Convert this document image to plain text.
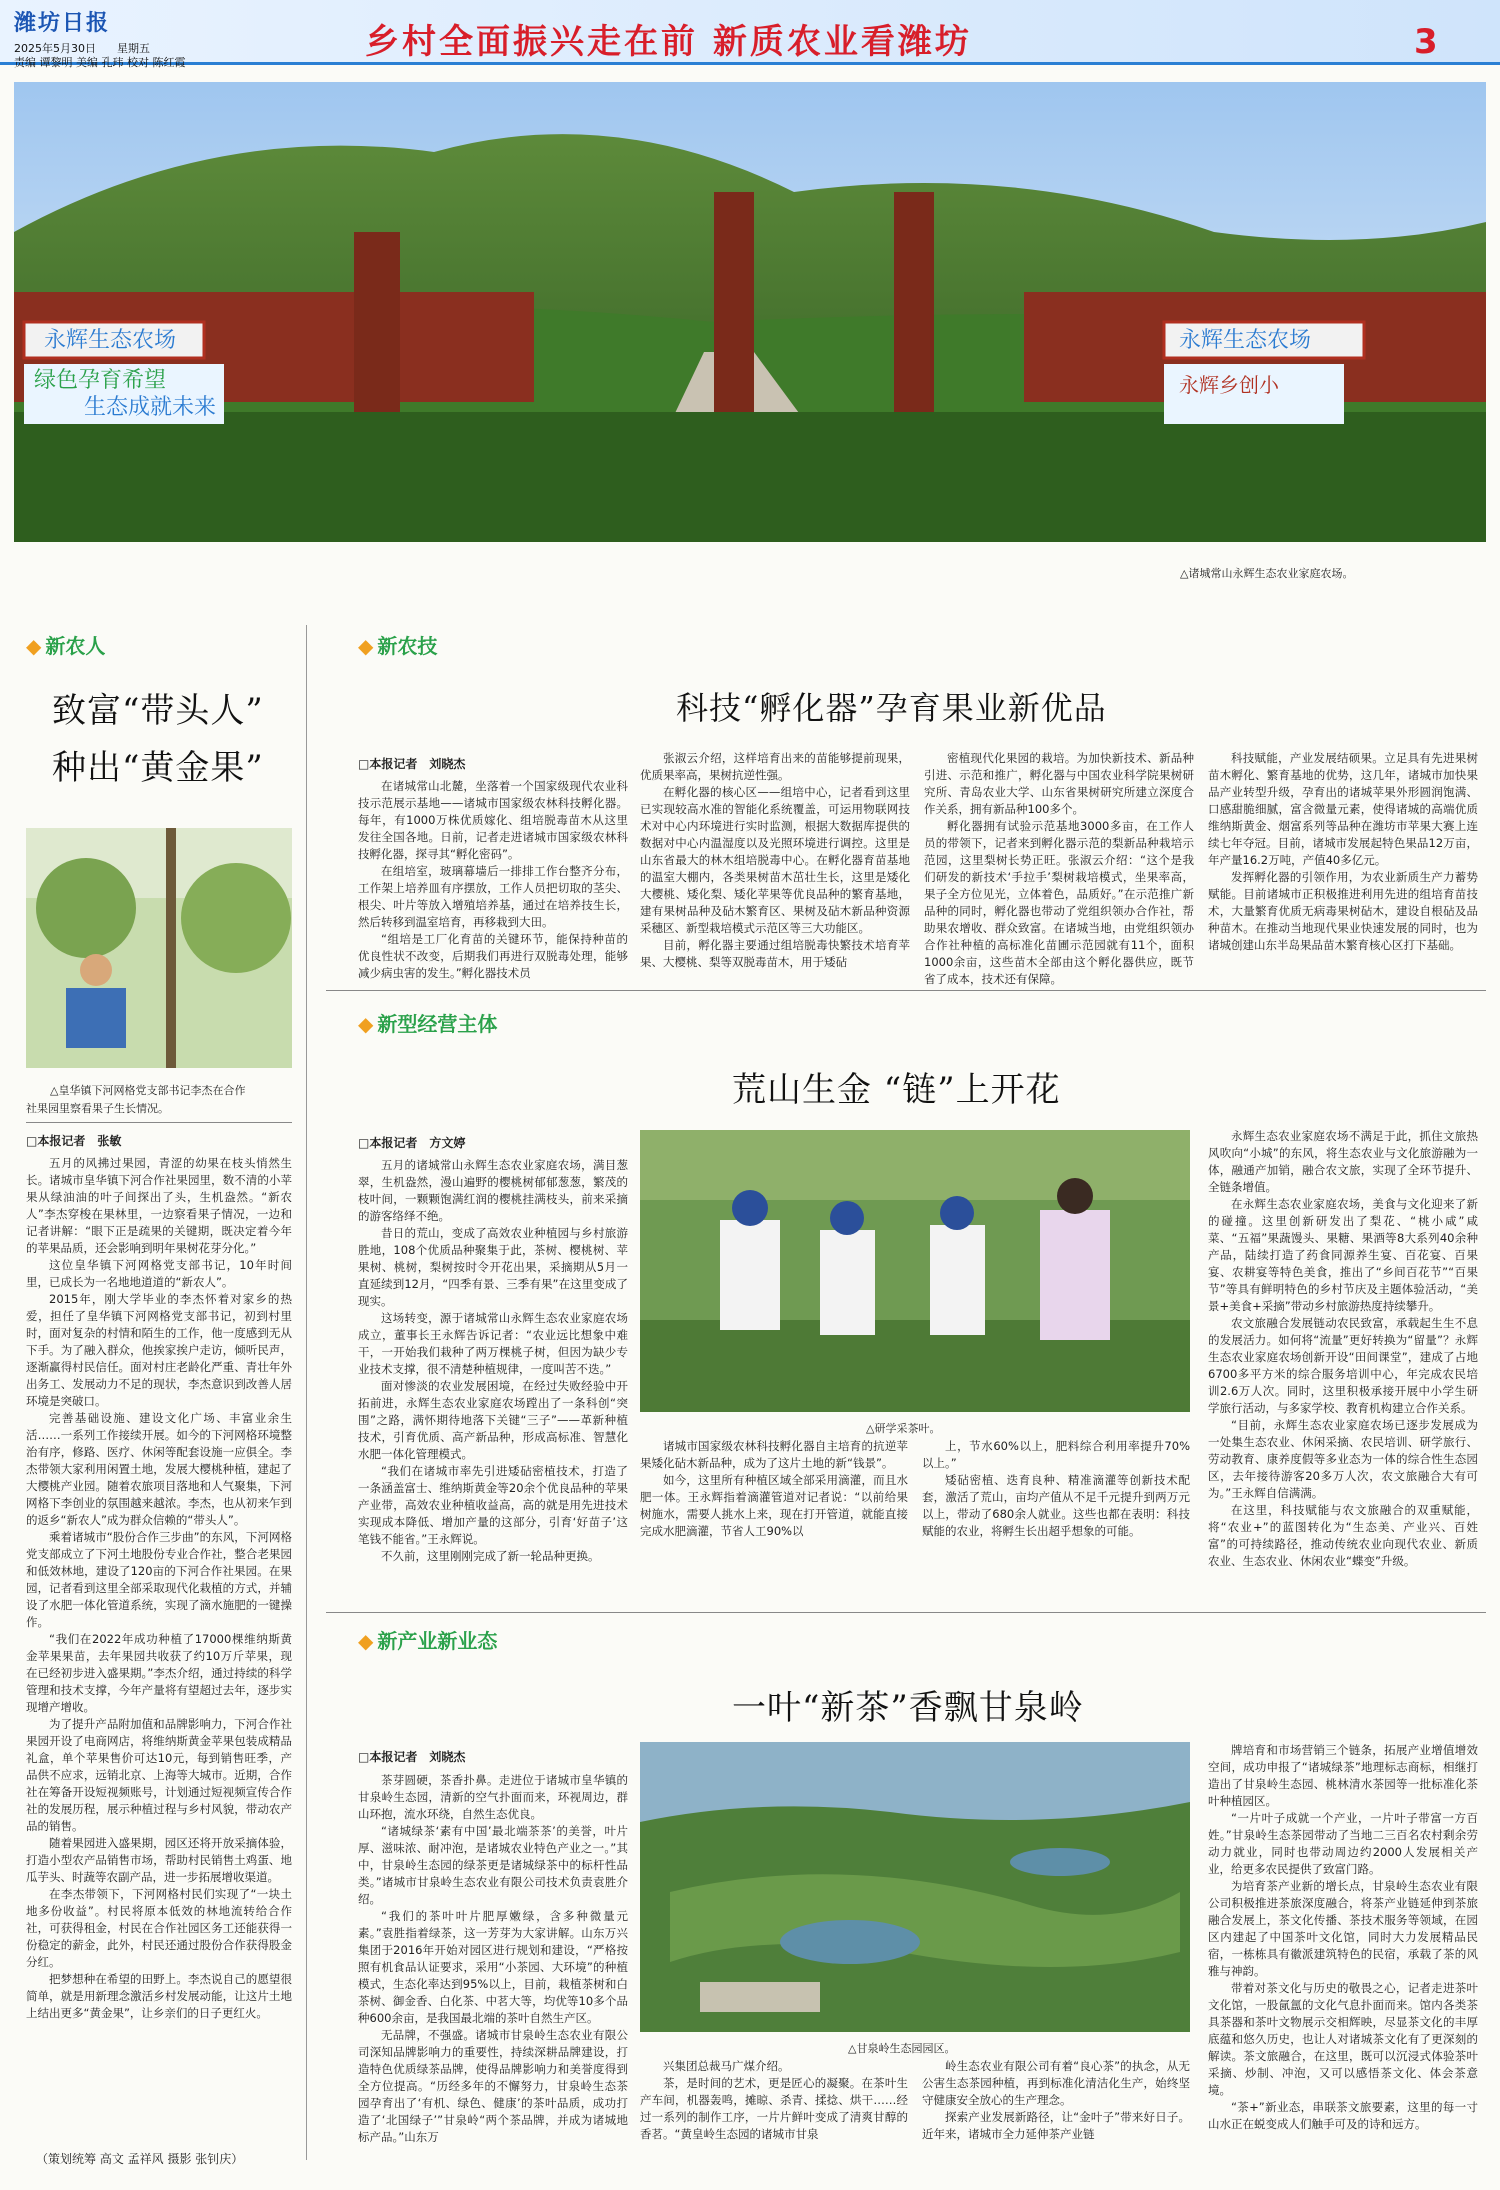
潍坊日报
2025年5月30日 星期五
责编 谭黎明 美编 孔玮 校对 陈红霞
乡村全面振兴走在前 新质农业看潍坊	3
永辉生态农场
绿色孕育希望
生态成就未来
永辉生态农场
永辉乡创小
△诸城常山永辉生态农业家庭农场。
◆ 新农人
致富“带头人”
种出“黄金果”
△皇华镇下河网格党支部书记李杰在合作
社果园里察看果子生长情况。
□本报记者　张敏

五月的风拂过果园，青涩的幼果在枝头悄然生长。诸城市皇华镇下河合作社果园里，数不清的小苹果从绿油油的叶子间探出了头，生机盎然。“新农人”李杰穿梭在果林里，一边察看果子情况，一边和记者讲解：“眼下正是疏果的关键期，既决定着今年的苹果品质，还会影响到明年果树花芽分化。”

这位皇华镇下河网格党支部书记，10年时间里，已成长为一名地地道道的“新农人”。

2015年，刚大学毕业的李杰怀着对家乡的热爱，担任了皇华镇下河网格党支部书记，初到村里时，面对复杂的村情和陌生的工作，他一度感到无从下手。为了融入群众，他挨家挨户走访，倾听民声，逐渐赢得村民信任。面对村庄老龄化严重、青壮年外出务工、发展动力不足的现状，李杰意识到改善人居环境是突破口。

完善基础设施、建设文化广场、丰富业余生活……一系列工作接续开展。如今的下河网格环境整治有序，修路、医疗、休闲等配套设施一应俱全。李杰带领大家利用闲置土地，发展大樱桃种植，建起了大樱桃产业园。随着农旅项目落地和人气聚集，下河网格下李创业的氛围越来越浓。李杰，也从初来乍到的返乡“新农人”成为群众信赖的“带头人”。

乘着诸城市“股份合作三步曲”的东风，下河网格党支部成立了下河土地股份专业合作社，整合老果园和低效林地，建设了120亩的下河合作社果园。在果园，记者看到这里全部采取现代化栽植的方式，并辅设了水肥一体化管道系统，实现了滴水施肥的一键操作。

“我们在2022年成功种植了17000棵维纳斯黄金苹果果苗，去年果园共收获了约10万斤苹果，现在已经初步进入盛果期。”李杰介绍，通过持续的科学管理和技术支撑，今年产量将有望超过去年，逐步实现增产增收。

为了提升产品附加值和品牌影响力，下河合作社果园开设了电商网店，将维纳斯黄金苹果包装成精品礼盒，单个苹果售价可达10元，每到销售旺季，产品供不应求，远销北京、上海等大城市。近期，合作社在筹备开设短视频账号，计划通过短视频宣传合作社的发展历程，展示种植过程与乡村风貌，带动农产品的销售。

随着果园进入盛果期，园区还将开放采摘体验，打造小型农产品销售市场，帮助村民销售土鸡蛋、地瓜芋头、时蔬等农副产品，进一步拓展增收渠道。

在李杰带领下，下河网格村民们实现了“一块土地多份收益”。村民将原本低效的林地流转给合作社，可获得租金，村民在合作社园区务工还能获得一份稳定的薪金，此外，村民还通过股份合作获得股金分红。

把梦想种在希望的田野上。李杰说自己的愿望很简单，就是用新理念激活乡村发展动能，让这片土地上结出更多“黄金果”，让乡亲们的日子更红火。

（策划统筹 高文 孟祥风 摄影 张钊庆）
◆ 新农技
科技“孵化器”孕育果业新优品
□本报记者　刘晓杰

在诸城常山北麓，坐落着一个国家级现代农业科技示范展示基地——诸城市国家级农林科技孵化器。每年，有1000万株优质嫁化、组培脱毒苗木从这里发往全国各地。日前，记者走进诸城市国家级农林科技孵化器，探寻其“孵化密码”。

在组培室，玻璃幕墙后一排排工作台整齐分布，工作架上培养皿有序摆放，工作人员把切取的茎尖、根尖、叶片等放入增殖培养基，通过在培养技生长，然后转移到温室培育，再移栽到大田。

“组培是工厂化育苗的关键环节，能保持种苗的优良性状不改变，后期我们再进行双脱毒处理，能够减少病虫害的发生。”孵化器技术员

张淑云介绍，这样培育出来的苗能够提前现果，优质果率高，果树抗逆性强。

在孵化器的核心区——组培中心，记者看到这里已实现较高水准的智能化系统覆盖，可运用物联网技术对中心内环境进行实时监测，根据大数据库提供的数据对中心内温湿度以及光照环境进行调控。这里是山东省最大的林木组培脱毒中心。在孵化器育苗基地的温室大棚内，各类果树苗木茁壮生长，这里是矮化大樱桃、矮化梨、矮化苹果等优良品种的繁育基地，建有果树品种及砧木繁育区、果树及砧木新品种资源采穗区、新型栽培模式示范区等三大功能区。

目前，孵化器主要通过组培脱毒快繁技术培育苹果、大樱桃、梨等双脱毒苗木，用于矮砧

密植现代化果园的栽培。为加快新技术、新品种引进、示范和推广，孵化器与中国农业科学院果树研究所、青岛农业大学、山东省果树研究所建立深度合作关系，拥有新品种100多个。

孵化器拥有试验示范基地3000多亩，在工作人员的带领下，记者来到孵化器示范的梨新品种栽培示范园，这里梨树长势正旺。张淑云介绍：“这个是我们研发的新技术‘手拉手’梨树栽培模式，坐果率高，果子全方位见光，立体着色，品质好。”在示范推广新品种的同时，孵化器也带动了党组织领办合作社，帮助果农增收、群众致富。在诸城当地，由党组织领办合作社种植的高标准化苗圃示范园就有11个，面积1000余亩，这些苗木全部由这个孵化器供应，既节省了成本，技术还有保障。

科技赋能，产业发展结硕果。立足具有先进果树苗木孵化、繁育基地的优势，这几年，诸城市加快果品产业转型升级，孕育出的诸城苹果外形圆润饱满、口感甜脆细腻，富含微量元素，使得诸城的高端优质维纳斯黄金、烟富系列等品种在潍坊市苹果大赛上连续七年夺冠。目前，诸城市发展起特色果品12万亩，年产量16.2万吨，产值40多亿元。

发挥孵化器的引领作用，为农业新质生产力蓄势赋能。目前诸城市正积极推进利用先进的组培育苗技术，大量繁育优质无病毒果树砧木，建设自根砧及品种苗木。在推动当地现代果业快速发展的同时，也为诸城创建山东半岛果品苗木繁育核心区打下基础。

◆ 新型经营主体
荒山生金 “链”上开花
□本报记者　方文婷

五月的诸城常山永辉生态农业家庭农场，满目葱翠，生机盎然，漫山遍野的樱桃树郁郁葱葱，繁茂的枝叶间，一颗颗饱满红润的樱桃挂满枝头，前来采摘的游客络绎不绝。

昔日的荒山，变成了高效农业种植园与乡村旅游胜地，108个优质品种聚集于此，茶树、樱桃树、苹果树、桃树，梨树按时令开花出果，采摘期从5月一直延续到12月，“四季有景、三季有果”在这里变成了现实。

这场转变，源于诸城常山永辉生态农业家庭农场成立，董事长王永辉告诉记者：“农业远比想象中难干，一开始我们栽种了两万棵桃子树，但因为缺少专业技术支撑，很不清楚种植规律，一度叫苦不迭。”

面对惨淡的农业发展困境，在经过失败经验中开拓前进，永辉生态农业家庭农场蹚出了一条科创“突围”之路，满怀期待地落下关键“三子”——革新种植技术，引育优质、高产新品种，形成高标准、智慧化水肥一体化管理模式。

“我们在诸城市率先引进矮砧密植技术，打造了一条涵盖富士、维纳斯黄金等20余个优良品种的苹果产业带，高效农业种植收益高，高的就是用先进技术实现成本降低、增加产量的这部分，引育‘好苗子’这笔钱不能省。”王永辉说。

不久前，这里刚刚完成了新一轮品种更换。

△研学采茶叶。

诸城市国家级农林科技孵化器自主培育的抗逆苹果矮化砧木新品种，成为了这片土地的新“钱景”。

如今，这里所有种植区域全部采用滴灌，而且水肥一体。王永辉指着滴灌管道对记者说：“以前给果树施水，需要人挑水上来，现在打开管道，就能直接完成水肥滴灌，节省人工90%以

上，节水60%以上，肥料综合利用率提升70%以上。”

矮砧密植、迭育良种、精准滴灌等创新技术配套，激活了荒山，亩均产值从不足千元提升到两万元以上，带动了680余人就业。这些也都在表明：科技赋能的农业，将孵生长出超乎想象的可能。

永辉生态农业家庭农场不满足于此，抓住文旅热风吹向“小城”的东风，将生态农业与文化旅游融为一体，融通产加销，融合农文旅，实现了全环节提升、全链条增值。

在永辉生态农业家庭农场，美食与文化迎来了新的碰撞。这里创新研发出了梨花、“桃小咸”咸菜、“五福”果蔬馒头、果糖、果酒等8大系列40余种产品，陆续打造了药食同源养生宴、百花宴、百果宴、农耕宴等特色美食，推出了“乡间百花节”“百果节”等具有鲜明特色的乡村节庆及主题体验活动，“美景+美食+采摘”带动乡村旅游热度持续攀升。

农文旅融合发展链动农民致富，承载起生生不息的发展活力。如何将“流量”更好转换为“留量”？永辉生态农业家庭农场创新开设“田间课堂”，建成了占地6700多平方米的综合服务培训中心，年完成农民培训2.6万人次。同时，这里积极承接开展中小学生研学旅行活动，与多家学校、教育机构建立合作关系。

“目前，永辉生态农业家庭农场已逐步发展成为一处集生态农业、休闲采摘、农民培训、研学旅行、劳动教育、康养度假等多业态为一体的综合性生态园区，去年接待游客20多万人次，农文旅融合大有可为。”王永辉自信满满。

在这里，科技赋能与农文旅融合的双重赋能，将“农业+”的蓝图转化为“生态美、产业兴、百姓富”的可持续路径，推动传统农业向现代农业、新质农业、生态农业、休闲农业“蝶变”升级。

◆ 新产业新业态
一叶“新茶”香飘甘泉岭
□本报记者　刘晓杰

茶芽圆硬，茶香扑鼻。走进位于诸城市皇华镇的甘泉岭生态园，清新的空气扑面而来，环视周边，群山环抱，流水环绕，自然生态优良。

“诸城绿茶‘素有中国’最北端茶茶’的美誉，叶片厚、滋味浓、耐冲泡，是诸城农业特色产业之一。”其中，甘泉岭生态园的绿茶更是诸城绿茶中的标杆性品类。”诸城市甘泉岭生态农业有限公司技术负责袁胜介绍。

“我们的茶叶叶片肥厚嫩绿，含多种微量元素。”袁胜指着绿茶，这一芳芽为大家讲解。山东万兴集团于2016年开始对园区进行规划和建设，“严格按照有机食品认证要求，采用“小茶园、大环境”的种植模式，生态化率达到95%以上，目前，栽植茶树和白茶树、御金香、白化茶、中茗大等，均优等10多个品种600余亩，是我国最北端的茶叶自然生产区。

无品牌，不强盛。诸城市甘泉岭生态农业有限公司深知品牌影响力的重要性，持续深耕品牌建设，打造特色优质绿茶品牌，使得品牌影响力和美誉度得到全方位提高。“历经多年的不懈努力，甘泉岭生态茶园孕育出了‘有机、绿色、健康’的茶叶品质，成功打造了‘北国绿子’”甘泉岭“两个茶品牌，并成为诸城地标产品。”山东万

△甘泉岭生态园园区。

兴集团总裁马广煤介绍。

茶，是时间的艺术，更是匠心的凝聚。在茶叶生产车间，机器轰鸣，摊晾、杀青、揉捻、烘干……经过一系列的制作工序，一片片鲜叶变成了清爽甘醇的香茗。“黄皇岭生态园的诸城市甘泉

岭生态农业有限公司有着“良心茶”的执念，从无公害生态茶园种植，再到标准化清洁化生产，始终坚守健康安全放心的生产理念。

探索产业发展新路径，让“金叶子”带来好日子。近年来，诸城市全力延伸茶产业链

牌培育和市场营销三个链条，拓展产业增值增效空间，成功申报了“诸城绿茶”地理标志商标，相继打造出了甘泉岭生态园、桃林清水茶园等一批标准化茶叶种植园区。

“一片叶子成就一个产业，一片叶子带富一方百姓。”甘泉岭生态茶园带动了当地二三百名农村剩余劳动力就业，同时也带动周边约2000人发展相关产业，给更多农民提供了致富门路。

为培育茶产业新的增长点，甘泉岭生态农业有限公司积极推进茶旅深度融合，将茶产业链延伸到茶旅融合发展上，茶文化传播、茶技术服务等领域，在园区内建起了中国茶叶文化馆，同时大力发展精品民宿，一栋栋具有徽派建筑特色的民宿，承载了茶的风雅与神韵。

带着对茶文化与历史的敬畏之心，记者走进茶叶文化馆，一股氤氲的文化气息扑面而来。馆内各类茶具茶器和茶叶文物展示交相辉映，尽显茶文化的丰厚底蕴和悠久历史，也让人对诸城茶文化有了更深刻的解读。茶文旅融合，在这里，既可以沉浸式体验茶叶采摘、炒制、冲泡，又可以感悟茶文化、体会茶意境。

“茶+”新业态，串联茶文旅要素，这里的每一寸山水正在蜕变成人们触手可及的诗和远方。
